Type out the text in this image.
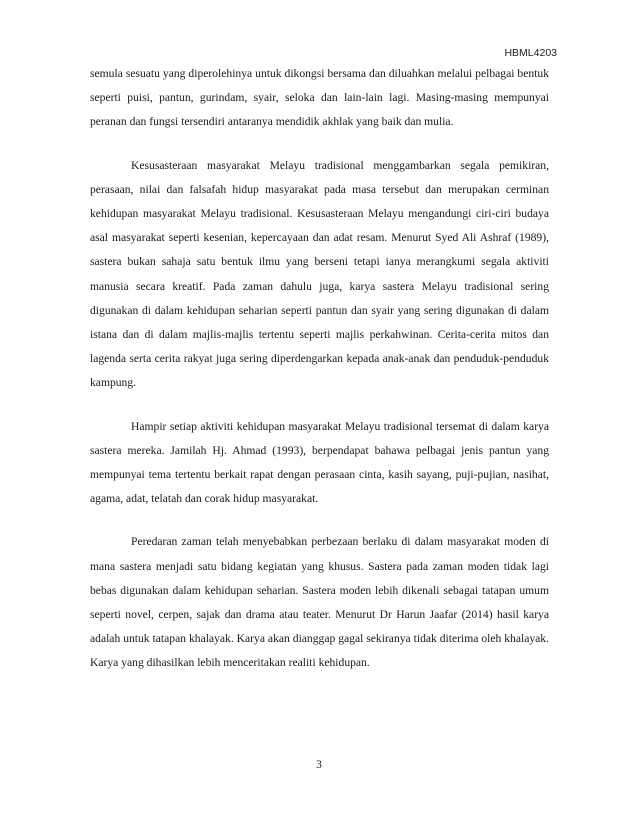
HBML4203

semula sesuatu yang diperolehinya untuk dikongsi bersama dan diluahkan melalui pelbagai bentuk seperti puisi, pantun, gurindam, syair, seloka dan lain-lain lagi. Masing-masing mempunyai peranan dan fungsi tersendiri antaranya mendidik akhlak yang baik dan mulia.

Kesusasteraan masyarakat Melayu tradisional menggambarkan segala pemikiran, perasaan, nilai dan falsafah hidup masyarakat pada masa tersebut dan merupakan cerminan kehidupan masyarakat Melayu tradisional. Kesusasteraan Melayu mengandungi ciri-ciri budaya asal masyarakat seperti kesenian, kepercayaan dan adat resam. Menurut Syed Ali Ashraf (1989), sastera bukan sahaja satu bentuk ilmu yang berseni tetapi ianya merangkumi segala aktiviti manusia secara kreatif. Pada zaman dahulu juga, karya sastera Melayu tradisional sering digunakan di dalam kehidupan seharian seperti pantun dan syair yang sering digunakan di dalam istana dan di dalam majlis-majlis tertentu seperti majlis perkahwinan. Cerita-cerita mitos dan lagenda serta cerita rakyat juga sering diperdengarkan kepada anak-anak dan penduduk-penduduk kampung.

Hampir setiap aktiviti kehidupan masyarakat Melayu tradisional tersemat di dalam karya sastera mereka. Jamilah Hj. Ahmad (1993), berpendapat bahawa pelbagai jenis pantun yang mempunyai tema tertentu berkait rapat dengan perasaan cinta, kasih sayang, puji-pujian, nasihat, agama, adat, telatah dan corak hidup masyarakat.

Peredaran zaman telah menyebabkan perbezaan berlaku di dalam masyarakat moden di mana sastera menjadi satu bidang kegiatan yang khusus. Sastera pada zaman moden tidak lagi bebas digunakan dalam kehidupan seharian. Sastera moden lebih dikenali sebagai tatapan umum seperti novel, cerpen, sajak dan drama atau teater. Menurut Dr Harun Jaafar (2014) hasil karya adalah untuk tatapan khalayak. Karya akan dianggap gagal sekiranya tidak diterima oleh khalayak. Karya yang dihasilkan lebih menceritakan realiti kehidupan.

3
